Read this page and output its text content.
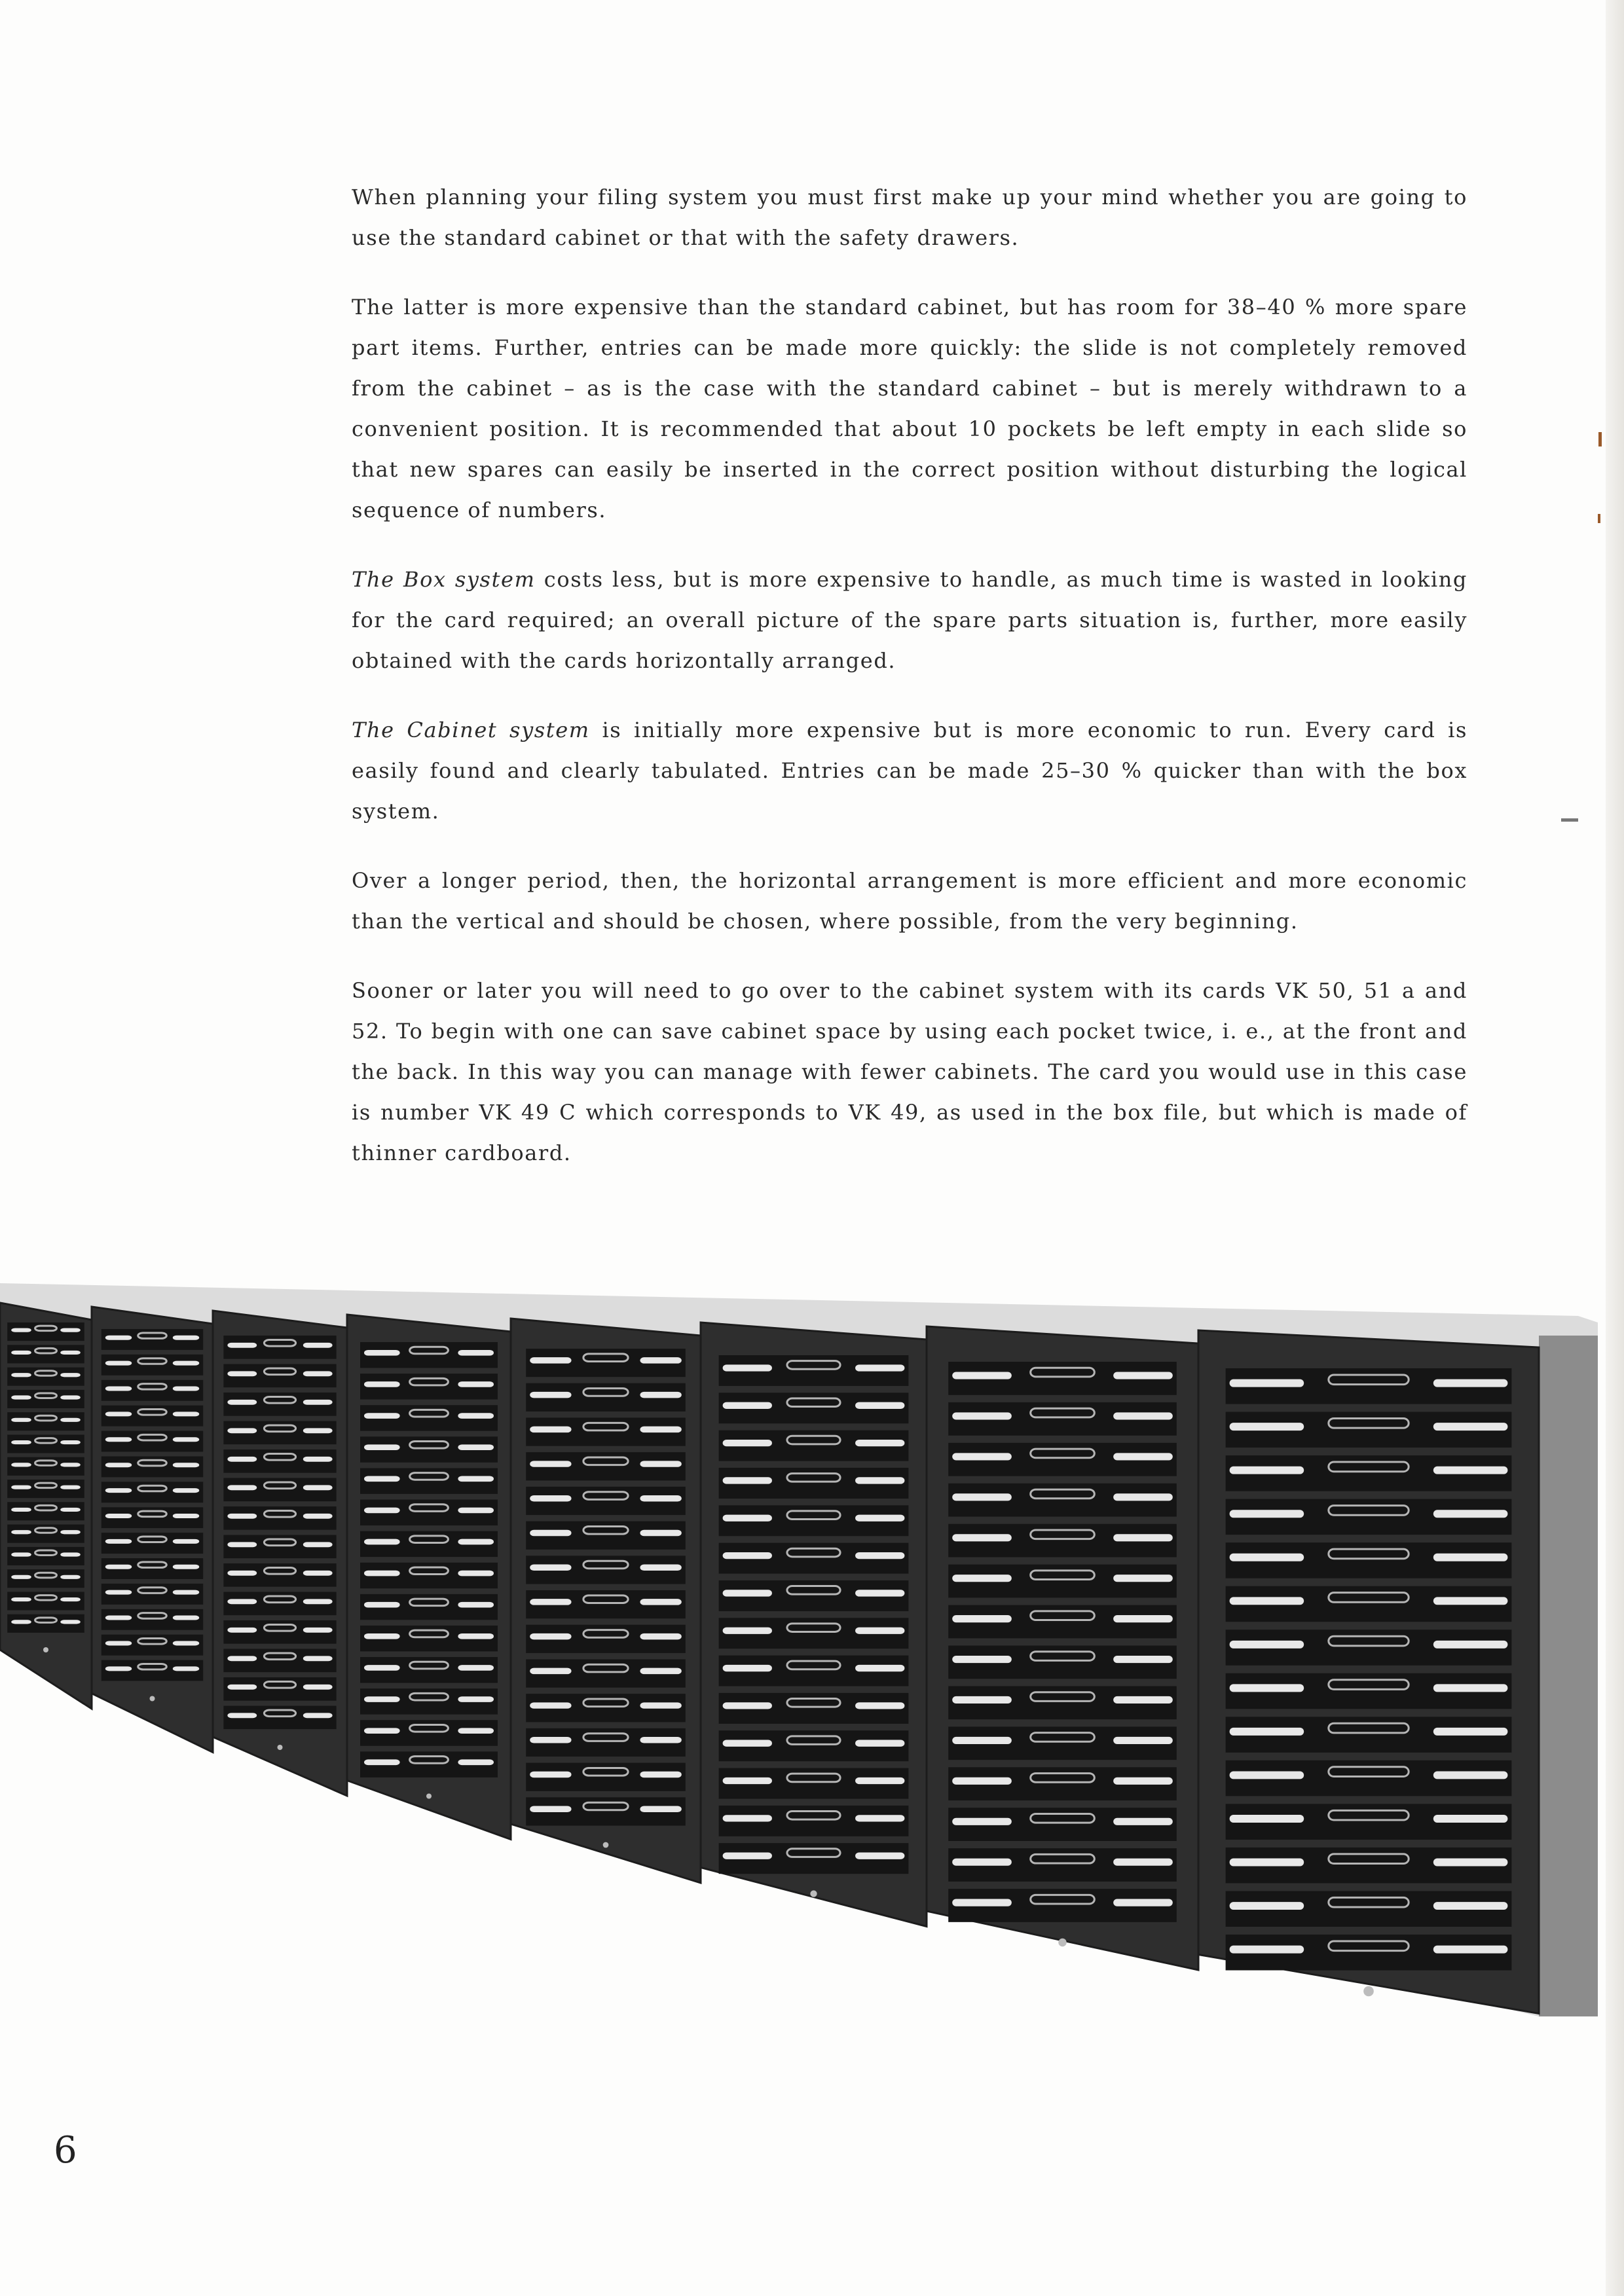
When planning your filing system you must first make up your mind whether you are going to use the standard cabinet or that with the safety drawers.

The latter is more expensive than the standard cabinet, but has room for 38–40 % more spare part items. Further, entries can be made more quickly: the slide is not completely removed from the cabinet – as is the case with the standard cabinet – but is merely withdrawn to a convenient position. It is recommended that about 10 pockets be left empty in each slide so that new spares can easily be inserted in the correct position without disturbing the logical sequence of numbers.

The Box system costs less, but is more expensive to handle, as much time is wasted in looking for the card required; an overall picture of the spare parts situation is, further, more easily obtained with the cards horizontally arranged.

The Cabinet system is initially more expensive but is more economic to run. Every card is easily found and clearly tabulated. Entries can be made 25–30 % quicker than with the box system.

Over a longer period, then, the horizontal arrangement is more efficient and more economic than the vertical and should be chosen, where possible, from the very beginning.

Sooner or later you will need to go over to the cabinet system with its cards VK 50, 51 a and 52. To begin with one can save cabinet space by using each pocket twice, i. e., at the front and the back. In this way you can manage with fewer cabinets. The card you would use in this case is number VK 49 C which corresponds to VK 49, as used in the box file, but which is made of thinner cardboard.

6
